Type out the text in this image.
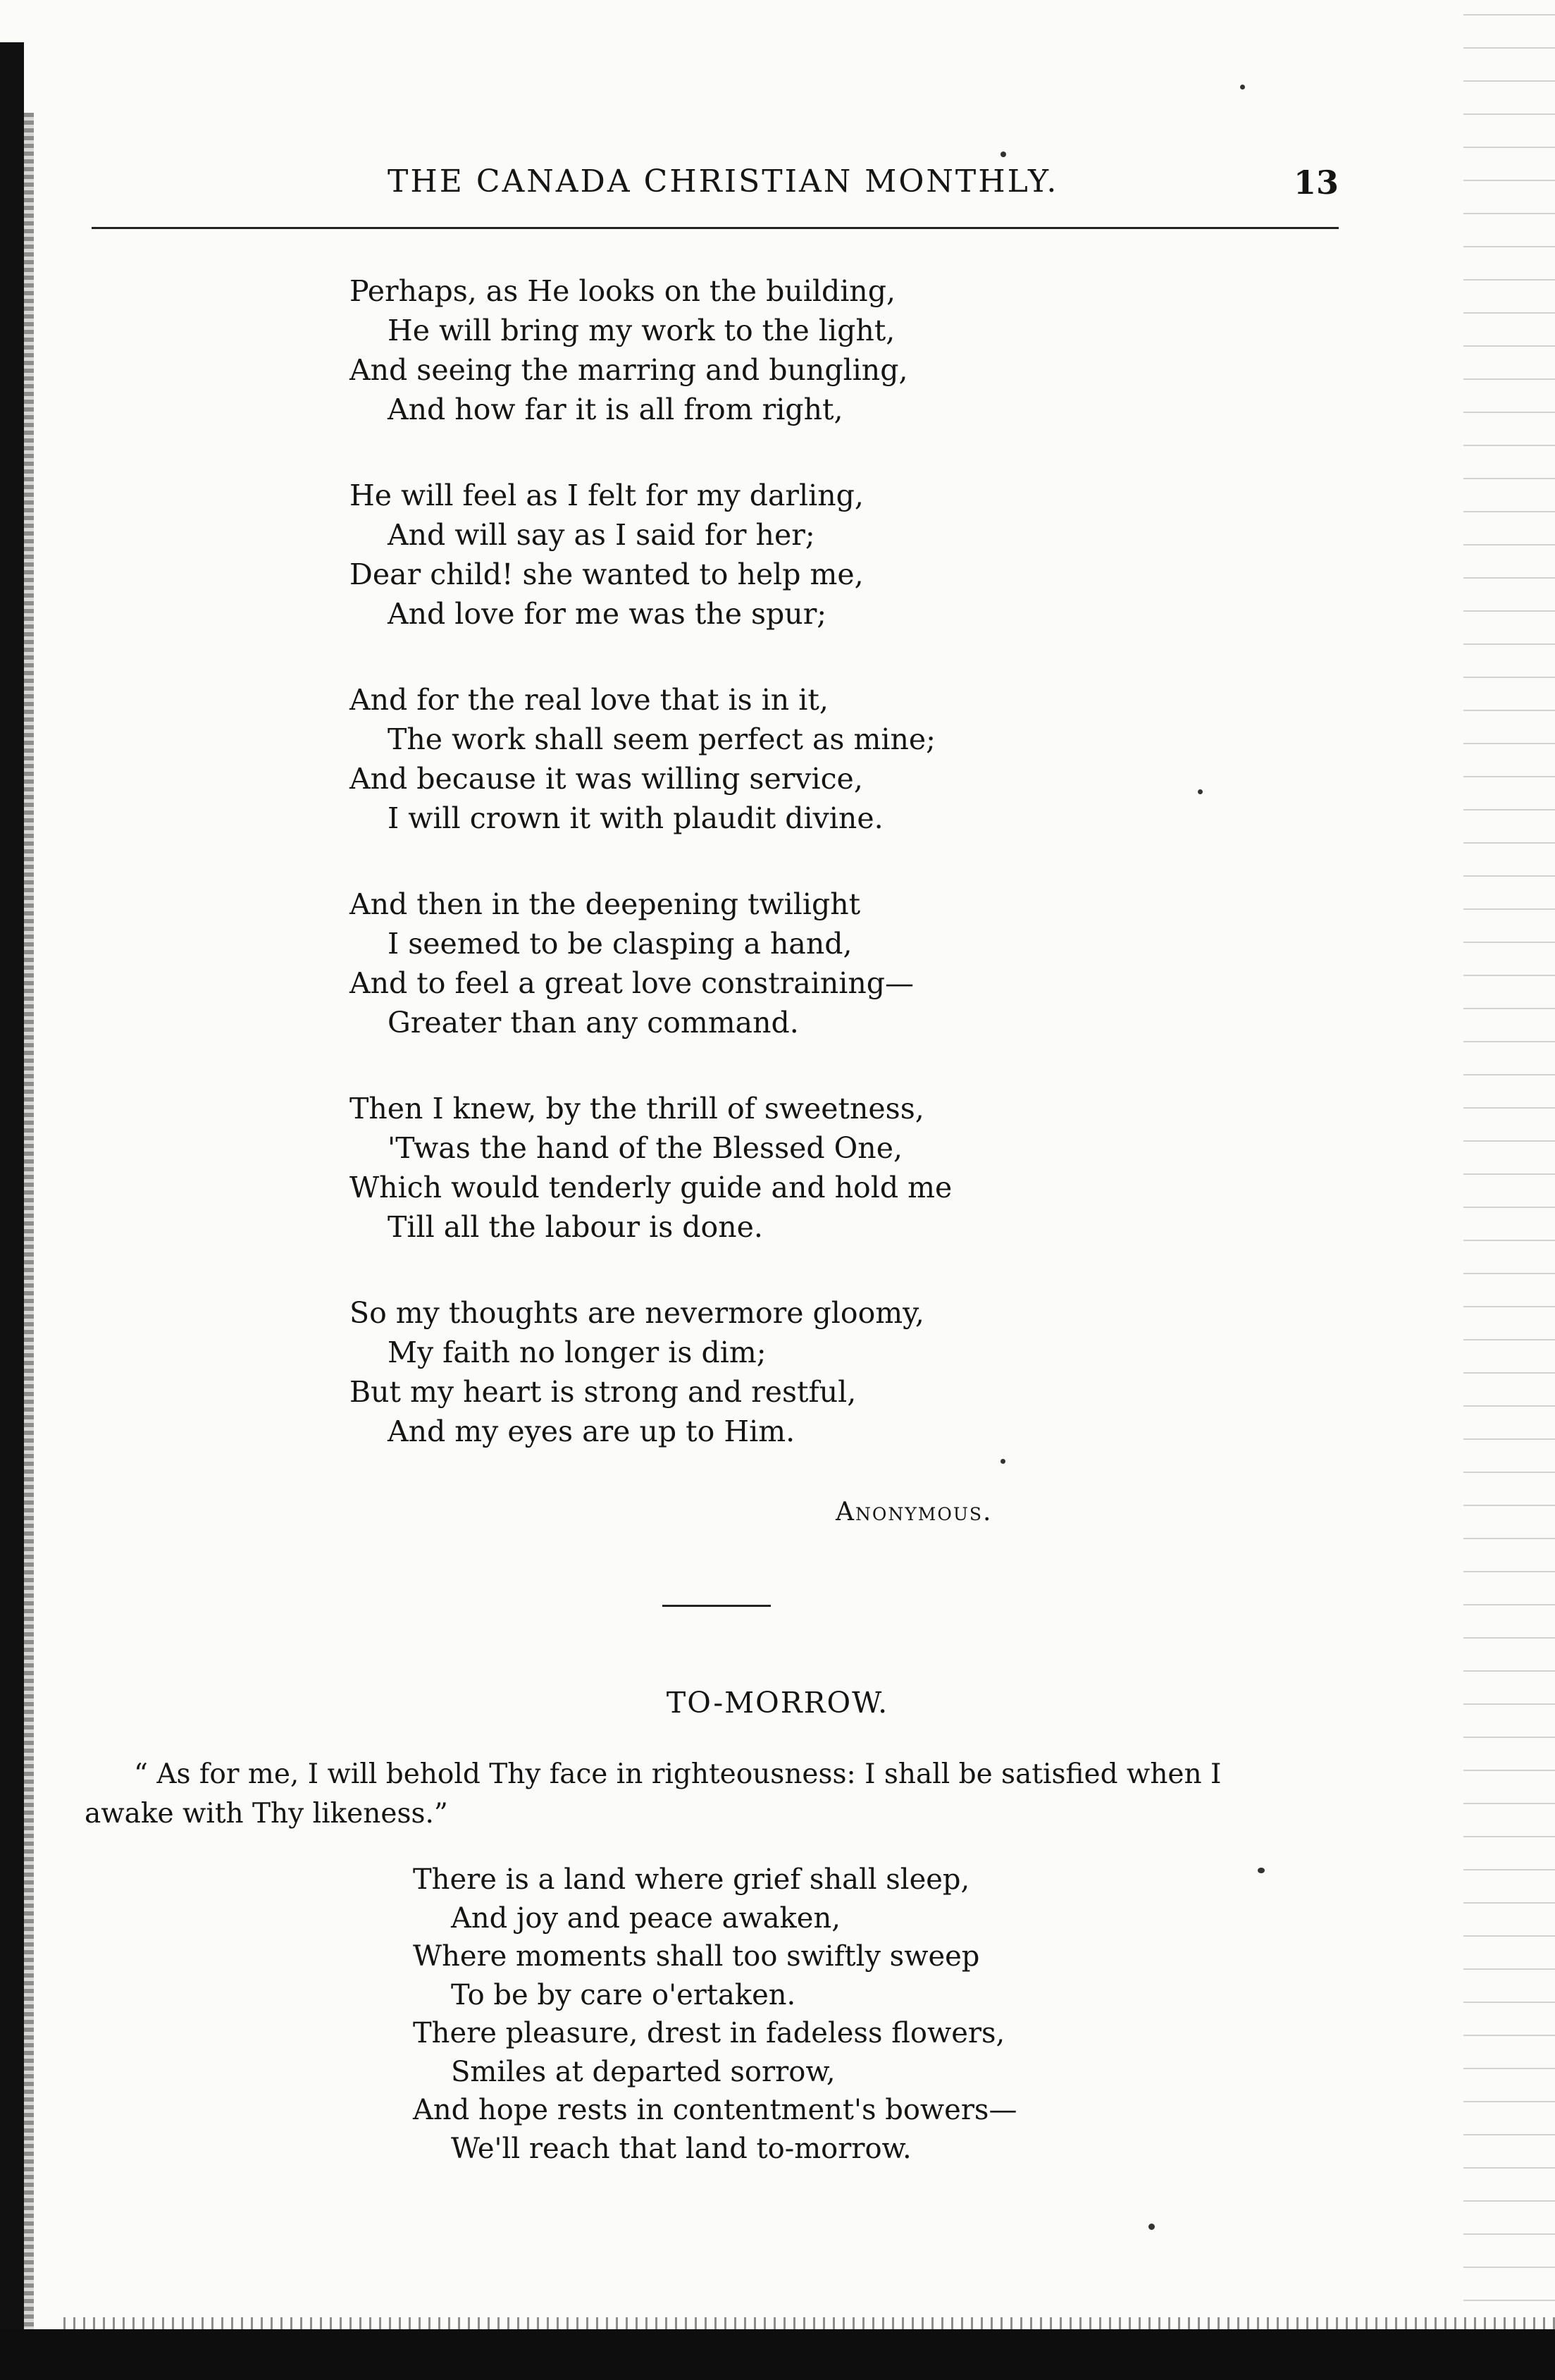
THE CANADA CHRISTIAN MONTHLY.	13
Perhaps, as He looks on the building,
He will bring my work to the light,
And seeing the marring and bungling,
And how far it is all from right,
He will feel as I felt for my darling,
And will say as I said for her;
Dear child! she wanted to help me,
And love for me was the spur;
And for the real love that is in it,
The work shall seem perfect as mine;
And because it was willing service,
I will crown it with plaudit divine.
And then in the deepening twilight
I seemed to be clasping a hand,
And to feel a great love constraining—
Greater than any command.
Then I knew, by the thrill of sweetness,
'Twas the hand of the Blessed One,
Which would tenderly guide and hold me
Till all the labour is done.
So my thoughts are nevermore gloomy,
My faith no longer is dim;
But my heart is strong and restful,
And my eyes are up to Him.
Anonymous.
TO-MORROW.
“ As for me, I will behold Thy face in righteousness: I shall be satisfied when I
awake with Thy likeness.”
There is a land where grief shall sleep,
And joy and peace awaken,
Where moments shall too swiftly sweep
To be by care o'ertaken.
There pleasure, drest in fadeless flowers,
Smiles at departed sorrow,
And hope rests in contentment's bowers—
We'll reach that land to-morrow.
